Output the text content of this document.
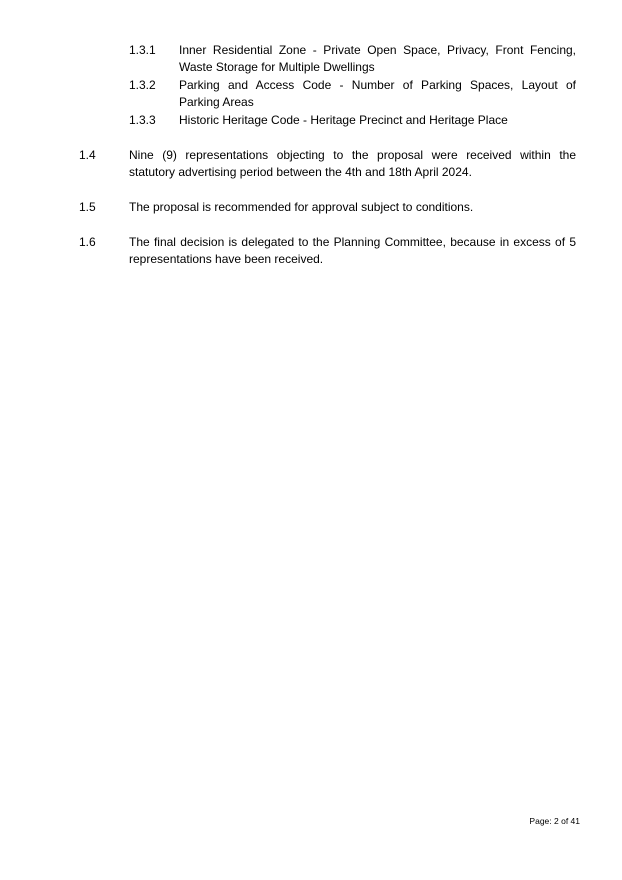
1.3.1 Inner Residential Zone - Private Open Space, Privacy, Front Fencing,
Waste Storage for Multiple Dwellings
1.3.2 Parking and Access Code - Number of Parking Spaces, Layout of
Parking Areas
1.3.3 Historic Heritage Code - Heritage Precinct and Heritage Place
1.4	Nine (9) representations objecting to the proposal were received within the
statutory advertising period between the 4th and 18th April 2024.
1.5	The proposal is recommended for approval subject to conditions.
1.6	The final decision is delegated to the Planning Committee, because in excess of 5
representations have been received.
Page: 2 of 41
